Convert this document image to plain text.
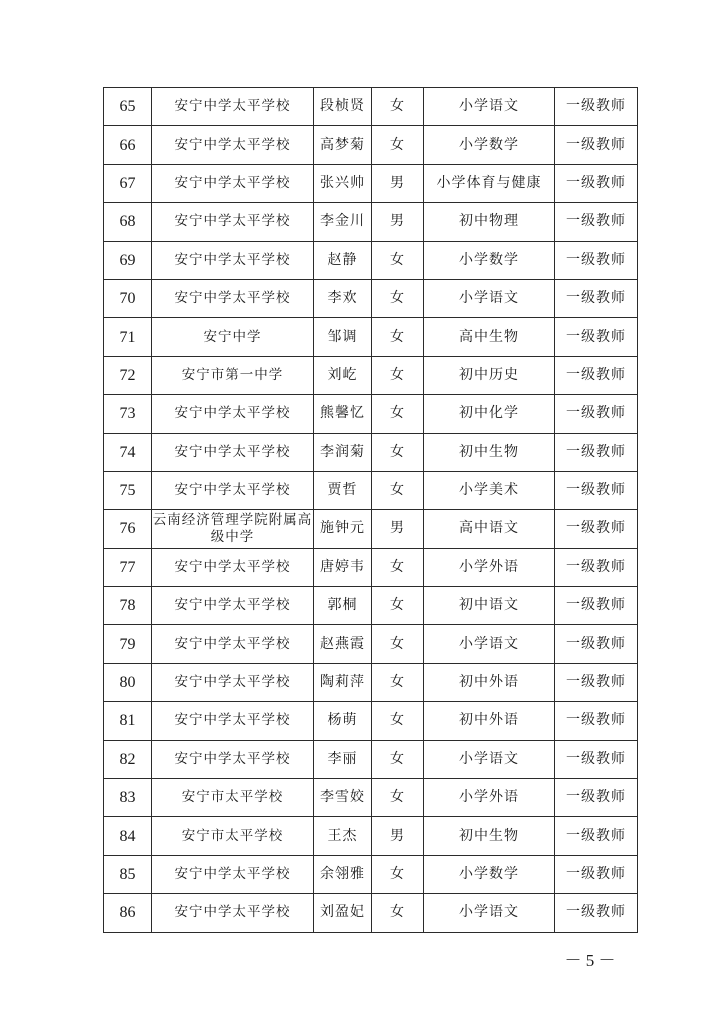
65	安宁中学太平学校	段桢贤	女	小学语文	一级教师
66	安宁中学太平学校	高梦菊	女	小学数学	一级教师
67	安宁中学太平学校	张兴帅	男	小学体育与健康	一级教师
68	安宁中学太平学校	李金川	男	初中物理	一级教师
69	安宁中学太平学校	赵静	女	小学数学	一级教师
70	安宁中学太平学校	李欢	女	小学语文	一级教师
71	安宁中学	邹调	女	高中生物	一级教师
72	安宁市第一中学	刘屹	女	初中历史	一级教师
73	安宁中学太平学校	熊馨忆	女	初中化学	一级教师
74	安宁中学太平学校	李润菊	女	初中生物	一级教师
75	安宁中学太平学校	贾哲	女	小学美术	一级教师
76	云南经济管理学院附属高级中学	施钟元	男	高中语文	一级教师
77	安宁中学太平学校	唐婷韦	女	小学外语	一级教师
78	安宁中学太平学校	郭桐	女	初中语文	一级教师
79	安宁中学太平学校	赵燕霞	女	小学语文	一级教师
80	安宁中学太平学校	陶莉萍	女	初中外语	一级教师
81	安宁中学太平学校	杨萌	女	初中外语	一级教师
82	安宁中学太平学校	李丽	女	小学语文	一级教师
83	安宁市太平学校	李雪姣	女	小学外语	一级教师
84	安宁市太平学校	王杰	男	初中生物	一级教师
85	安宁中学太平学校	余翎雅	女	小学数学	一级教师
86	安宁中学太平学校	刘盈妃	女	小学语文	一级教师
－ 5 －
